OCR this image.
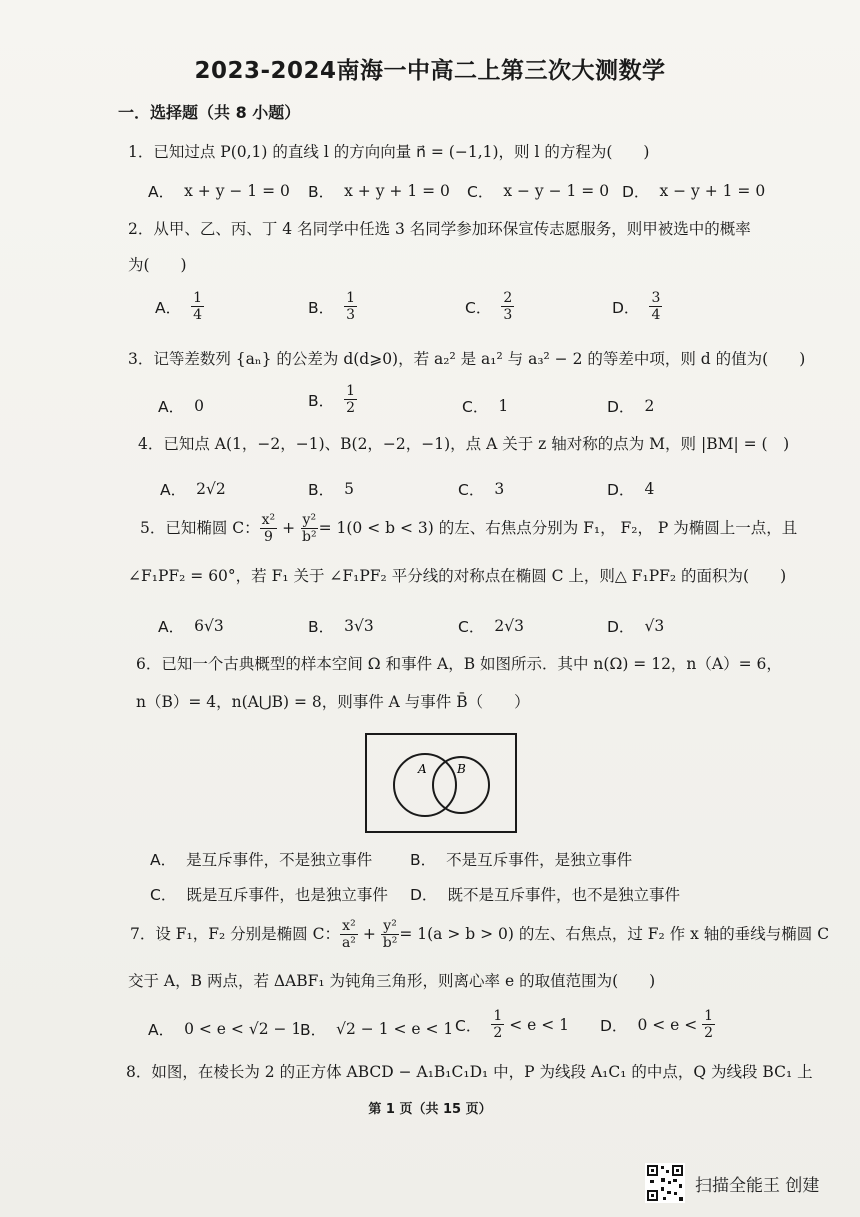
2023-2024南海一中高二上第三次大测数学
一．选择题（共 8 小题）
1．已知过点 P(0,1) 的直线 l 的方向向量 n⃗ = (−1,1)，则 l 的方程为(　　)
A． x + y − 1 = 0 B． x + y + 1 = 0 C． x − y − 1 = 0 D． x − y + 1 = 0
2．从甲、乙、丙、丁 4 名同学中任选 3 名同学参加环保宣传志愿服务，则甲被选中的概率
为(　　)
A． $\frac{1}{4}$	B． $\frac{1}{3}$	C． $\frac{2}{3}$	D． $\frac{3}{4}$
3．记等差数列 {aₙ} 的公差为 d(d⩾0)，若 a₂² 是 a₁² 与 a₃² − 2 的等差中项，则 d 的值为(　　)
A． 0	B． $\frac{1}{2}$	C． 1	D． 2
4．已知点 A(1，−2，−1)、B(2，−2，−1)，点 A 关于 z 轴对称的点为 M，则 |BM| = (　)
A． 2√2	B． 5	C． 3	D． 4
5．已知椭圆 C： $\frac{\text{x²}}{9} + \frac{\text{y²}}{\text{b²}} = 1(0 < b < 3)$ 的左、右焦点分别为 F₁， F₂， P 为椭圆上一点，且
∠F₁PF₂ = 60°，若 F₁ 关于 ∠F₁PF₂ 平分线的对称点在椭圆 C 上，则△ F₁PF₂ 的面积为(　　)
A． 6√3	B． 3√3	C． 2√3	D． √3
6．已知一个古典概型的样本空间 Ω 和事件 A，B 如图所示．其中 n(Ω) = 12，n（A）= 6，
n（B）= 4，n(A⋃B) = 8，则事件 A 与事件 B̄（　　）
A	B
A． 是互斥事件，不是独立事件 B． 不是互斥事件，是独立事件
C． 既是互斥事件，也是独立事件 D． 既不是互斥事件，也不是独立事件
7．设 F₁，F₂ 分别是椭圆 C： $\frac{\text{x²}}{\text{a²}} + \frac{\text{y²}}{\text{b²}} = 1(a > b > 0)$ 的左、右焦点，过 F₂ 作 x 轴的垂线与椭圆 C
交于 A，B 两点，若 ΔABF₁ 为钝角三角形，则离心率 e 的取值范围为(　　)
A． 0 < e < √2 − 1
B． √2 − 1 < e < 1 C． $\frac{1}{2}$
< e < 1 D． 0 < e <
$\frac{1}{2}$
8．如图，在棱长为 2 的正方体 ABCD − A₁B₁C₁D₁ 中，P 为线段 A₁C₁ 的中点，Q 为线段 BC₁ 上
第 1 页（共 15 页）
扫描全能王 创建
